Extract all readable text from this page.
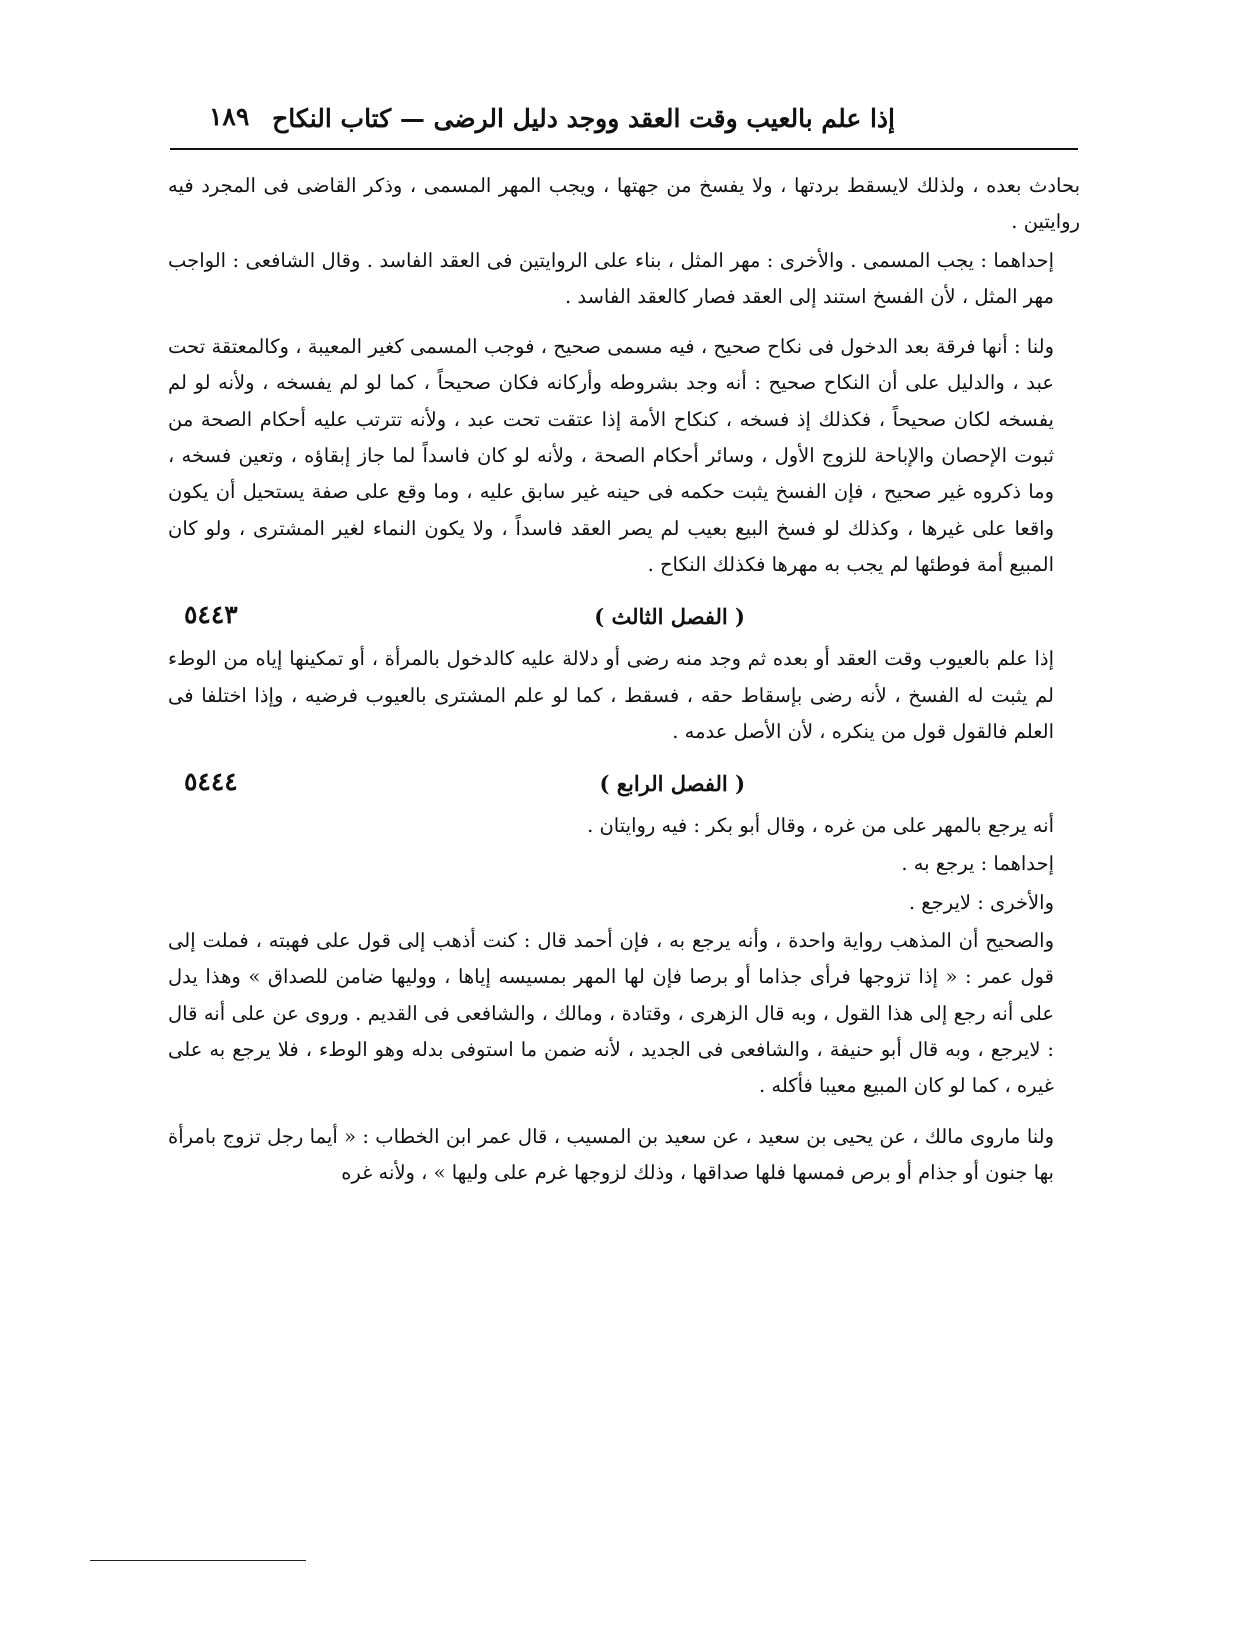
إذا علم بالعيب وقت العقد ووجد دليل الرضى — كتاب النكاح
١٨٩

بحادث بعده ، ولذلك لايسقط بردتها ، ولا يفسخ من جهتها ، ويجب المهر المسمى ، وذكر القاضى فى المجرد فيه روايتين .

إحداهما : يجب المسمى . والأخرى : مهر المثل ، بناء على الروايتين فى العقد الفاسد . وقال الشافعى : الواجب مهر المثل ، لأن الفسخ استند إلى العقد فصار كالعقد الفاسد .

ولنا : أنها فرقة بعد الدخول فى نكاح صحيح ، فيه مسمى صحيح ، فوجب المسمى كغير المعيبة ، وكالمعتقة تحت عبد ، والدليل على أن النكاح صحيح : أنه وجد بشروطه وأركانه فكان صحيحاً ، كما لو لم يفسخه ، ولأنه لو لم يفسخه لكان صحيحاً ، فكذلك إذ فسخه ، كنكاح الأمة إذا عتقت تحت عبد ، ولأنه تترتب عليه أحكام الصحة من ثبوت الإحصان والإباحة للزوج الأول ، وسائر أحكام الصحة ، ولأنه لو كان فاسداً لما جاز إبقاؤه ، وتعين فسخه ، وما ذكروه غير صحيح ، فإن الفسخ يثبت حكمه فى حينه غير سابق عليه ، وما وقع على صفة يستحيل أن يكون واقعا على غيرها ، وكذلك لو فسخ البيع بعيب لم يصر العقد فاسداً ، ولا يكون النماء لغير المشترى ، ولو كان المبيع أمة فوطئها لم يجب به مهرها فكذلك النكاح .

٥٤٤٣	( الفصل الثالث )

إذا علم بالعيوب وقت العقد أو بعده ثم وجد منه رضى أو دلالة عليه كالدخول بالمرأة ، أو تمكينها إياه من الوطء لم يثبت له الفسخ ، لأنه رضى بإسقاط حقه ، فسقط ، كما لو علم المشترى بالعيوب فرضيه ، وإذا اختلفا فى العلم فالقول قول من ينكره ، لأن الأصل عدمه .

٥٤٤٤	( الفصل الرابع )

أنه يرجع بالمهر على من غره ، وقال أبو بكر : فيه روايتان .

إحداهما : يرجع به .

والأخرى : لايرجع .

والصحيح أن المذهب رواية واحدة ، وأنه يرجع به ، فإن أحمد قال : كنت أذهب إلى قول على فهبته ، فملت إلى قول عمر : « إذا تزوجها فرأى جذاما أو برصا فإن لها المهر بمسيسه إياها ، ووليها ضامن للصداق » وهذا يدل على أنه رجع إلى هذا القول ، وبه قال الزهرى ، وقتادة ، ومالك ، والشافعى فى القديم . وروى عن على أنه قال : لايرجع ، وبه قال أبو حنيفة ، والشافعى فى الجديد ، لأنه ضمن ما استوفى بدله وهو الوطء ، فلا يرجع به على غيره ، كما لو كان المبيع معيبا فأكله .

ولنا ماروى مالك ، عن يحيى بن سعيد ، عن سعيد بن المسيب ، قال عمر ابن الخطاب : « أيما رجل تزوج بامرأة بها جنون أو جذام أو برص فمسها فلها صداقها ، وذلك لزوجها غرم على وليها » ، ولأنه غره
